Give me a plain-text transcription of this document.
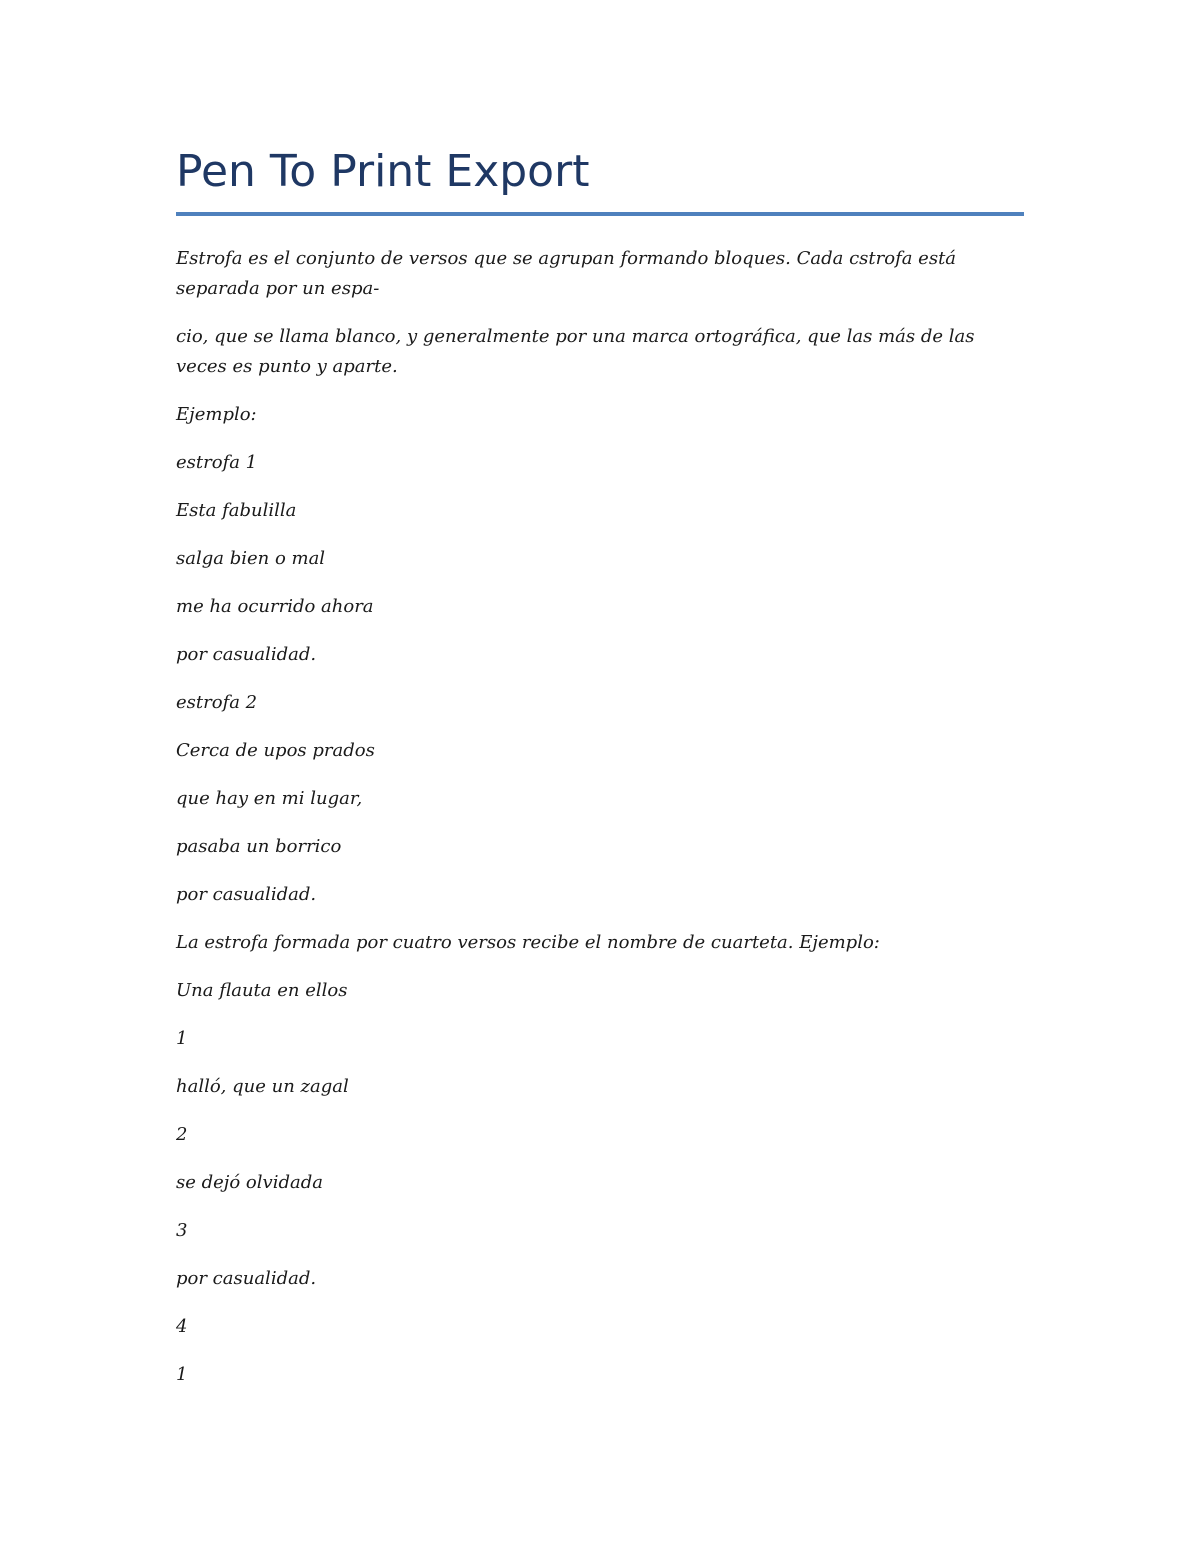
Pen To Print Export

Estrofa es el conjunto de versos que se agrupan formando bloques. Cada cstrofa está separada por un espa-

cio, que se llama blanco, y generalmente por una marca ortográfica, que las más de las veces es punto y aparte.

Ejemplo:

estrofa 1

Esta fabulilla

salga bien o mal

me ha ocurrido ahora

por casualidad.

estrofa 2

Cerca de upos prados

que hay en mi lugar,

pasaba un borrico

por casualidad.

La estrofa formada por cuatro versos recibe el nombre de cuarteta. Ejemplo:

Una flauta en ellos

1

halló, que un zagal

2

se dejó olvidada

3

por casualidad.

4

1
